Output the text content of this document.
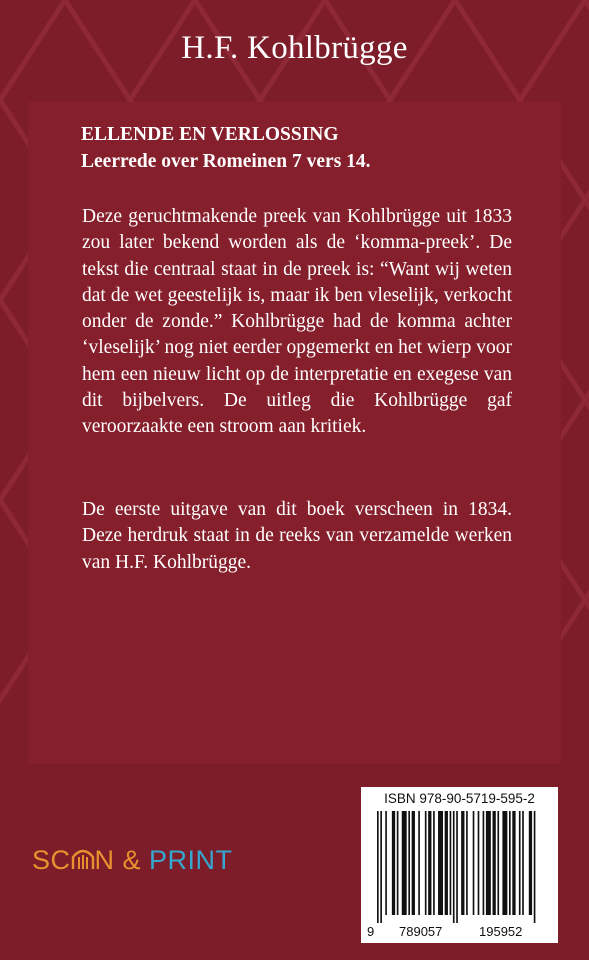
H.F. Kohlbrügge
ELLENDE EN VERLOSSING
Leerrede over Romeinen 7 vers 14.
Deze geruchtmakende preek van Kohlbrügge uit 1833 zou later bekend worden als de ‘komma-preek’. De tekst die centraal staat in de preek is: “Want wij weten dat de wet geestelijk is, maar ik ben vleselijk, verkocht onder de zonde.” Kohlbrügge had de komma achter ‘vleselijk’ nog niet eerder opgemerkt en het wierp voor hem een nieuw licht op de interpretatie en exegese van dit bijbelvers. De uitleg die Kohlbrügge gaf veroorzaakte een stroom aan kritiek.
De eerste uitgave van dit boek verscheen in 1834. Deze herdruk staat in de reeks van verzamelde werken van H.F. Kohlbrügge.
SC N & PRINT
ISBN 978-90-5719-595-2
9 789057	195952
